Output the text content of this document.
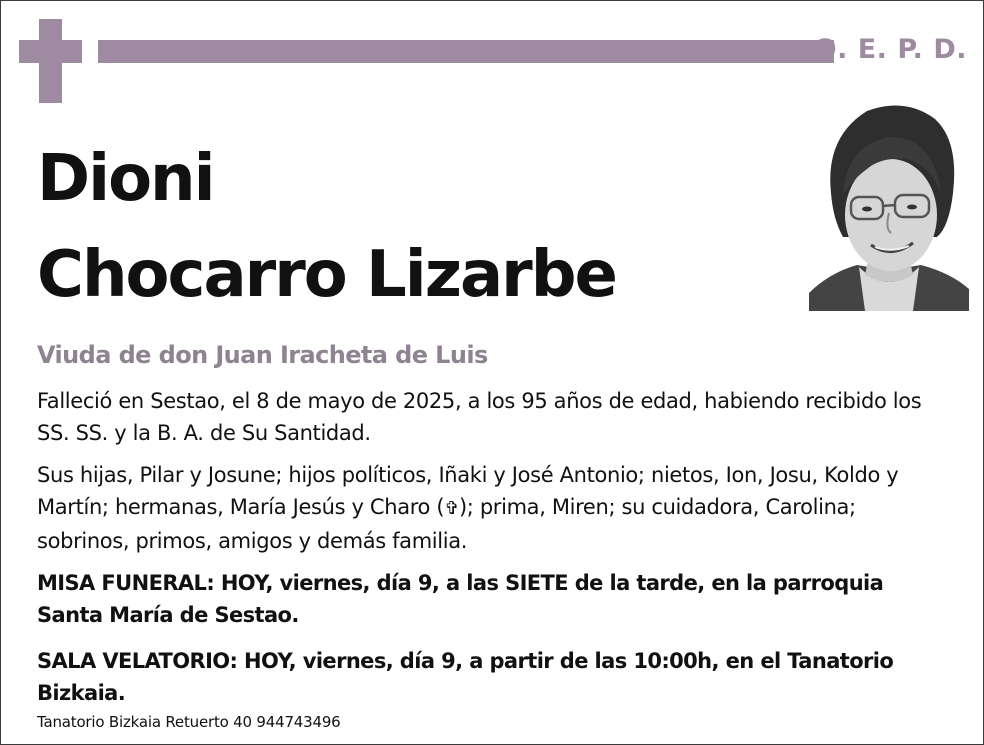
Q. E. P. D.
Dioni
Chocarro Lizarbe
Viuda de don Juan Iracheta de Luis
Falleció en Sestao, el 8 de mayo de 2025, a los 95 años de edad, habiendo recibido los SS. SS. y la B. A. de Su Santidad.
Sus hijas, Pilar y Josune; hijos políticos, Iñaki y José Antonio; nietos, Ion, Josu, Koldo y Martín; hermanas, María Jesús y Charo (✞); prima, Miren; su cuidadora, Carolina; sobrinos, primos, amigos y demás familia.
MISA FUNERAL: HOY, viernes, día 9, a las SIETE de la tarde, en la parroquia Santa María de Sestao.
SALA VELATORIO: HOY, viernes, día 9, a partir de las 10:00h, en el Tanatorio Bizkaia.
Tanatorio Bizkaia Retuerto 40 944743496
